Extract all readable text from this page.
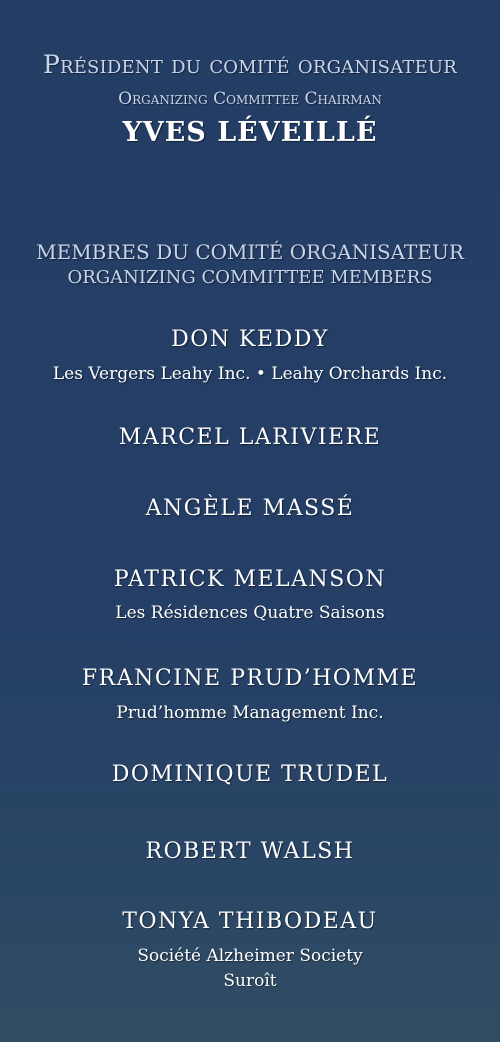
Président du comité organisateur
Organizing Committee Chairman
YVES LÉVEILLÉ
MEMBRES DU COMITÉ ORGANISATEUR
ORGANIZING COMMITTEE MEMBERS
DON KEDDY
Les Vergers Leahy Inc. • Leahy Orchards Inc.
MARCEL LARIVIERE
ANGÈLE MASSÉ
PATRICK MELANSON
Les Résidences Quatre Saisons
FRANCINE PRUD’HOMME
Prud’homme Management Inc.
DOMINIQUE TRUDEL
ROBERT WALSH
TONYA THIBODEAU
Société Alzheimer Society
Suroît
